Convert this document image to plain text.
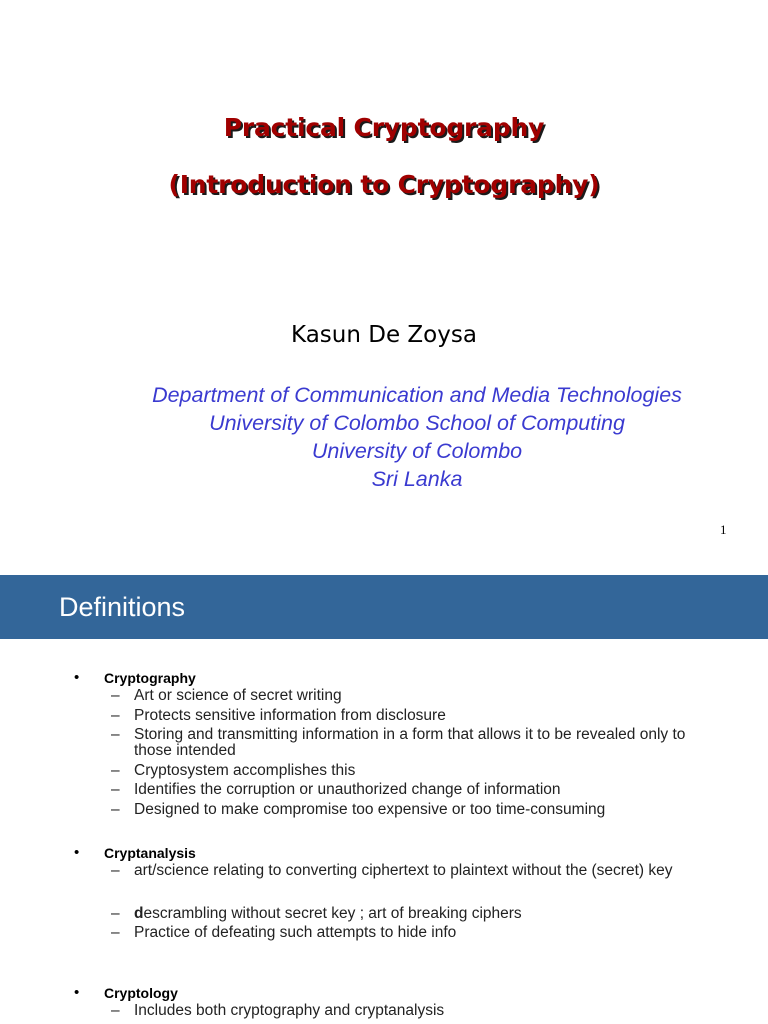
Practical Cryptography
(Introduction to Cryptography)
Kasun De Zoysa
Department of Communication and Media Technologies
University of Colombo School of Computing
University of Colombo
Sri Lanka
1
Definitions
• Cryptography
– Art or science of secret writing
– Protects sensitive information from disclosure
– Storing and transmitting information in a form that allows it to be revealed only to those intended
– Cryptosystem accomplishes this
– Identifies the corruption or unauthorized change of information
– Designed to make compromise too expensive or too time-consuming
• Cryptanalysis
– art/science relating to converting ciphertext to plaintext without the (secret) key
– descrambling without secret key ; art of breaking ciphers
– Practice of defeating such attempts to hide info
• Cryptology
– Includes both cryptography and cryptanalysis
